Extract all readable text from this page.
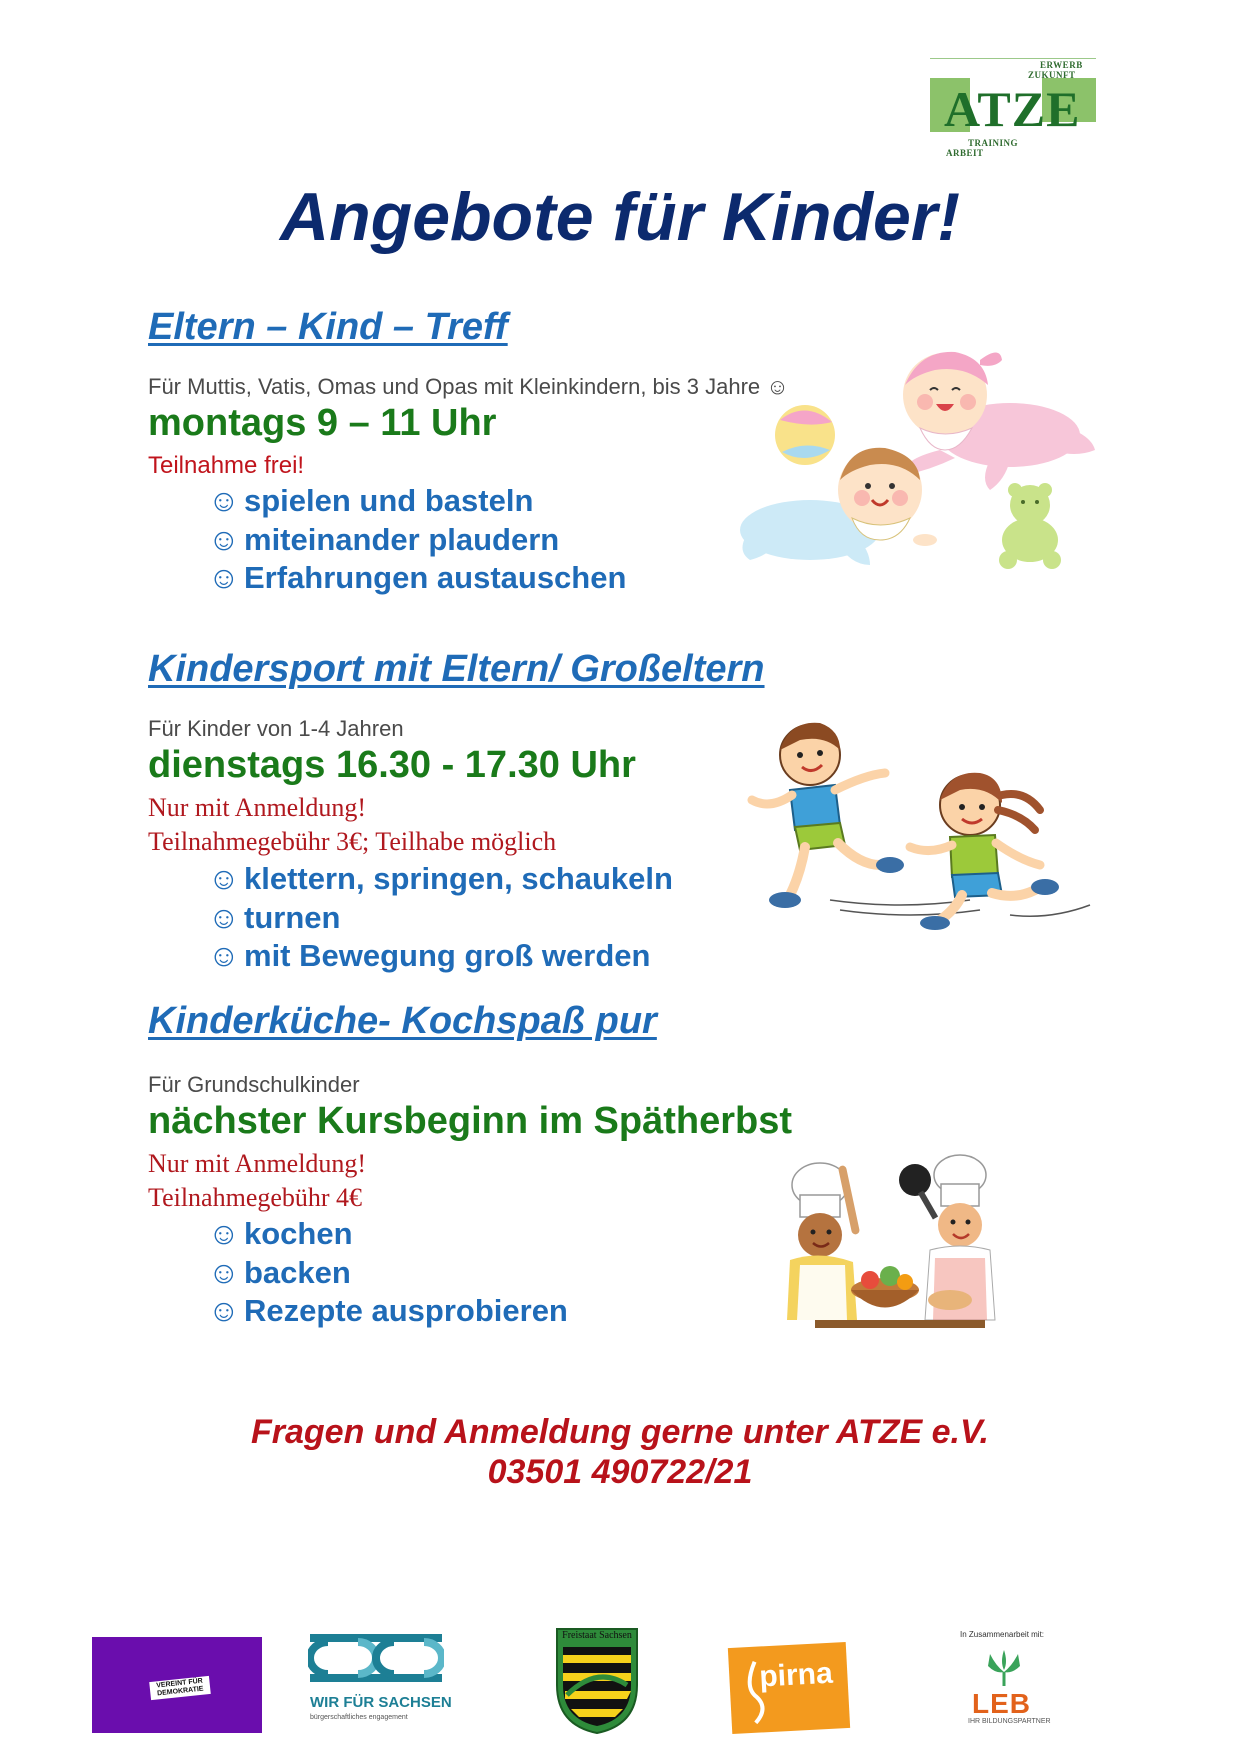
ERWERB
ZUKUNFT
ATZE
TRAINING
ARBEIT
Angebote für Kinder!
Eltern – Kind – Treff
Für Muttis, Vatis, Omas und Opas mit Kleinkindern, bis 3 Jahre ☺
montags 9 – 11 Uhr
Teilnahme frei!
☺ spielen und basteln
☺ miteinander plaudern
☺ Erfahrungen austauschen
Kindersport mit Eltern/ Großeltern
Für Kinder von 1-4 Jahren
dienstags 16.30 - 17.30 Uhr
Nur mit Anmeldung!
Teilnahmegebühr 3€; Teilhabe möglich
☺ klettern, springen, schaukeln
☺ turnen
☺ mit Bewegung groß werden
Kinderküche- Kochspaß pur
Für Grundschulkinder
nächster Kursbeginn im Spätherbst
Nur mit Anmeldung!
Teilnahmegebühr 4€
☺ kochen
☺ backen
☺ Rezepte ausprobieren
Fragen und Anmeldung gerne unter ATZE e.V.
03501 490722/21
VEREINT FÜR DEMOKRATIE
WIR FÜR SACHSEN
bürgerschaftliches engagement
Freistaat Sachsen
pirna
In Zusammenarbeit mit:
LEB
IHR BILDUNGSPARTNER
